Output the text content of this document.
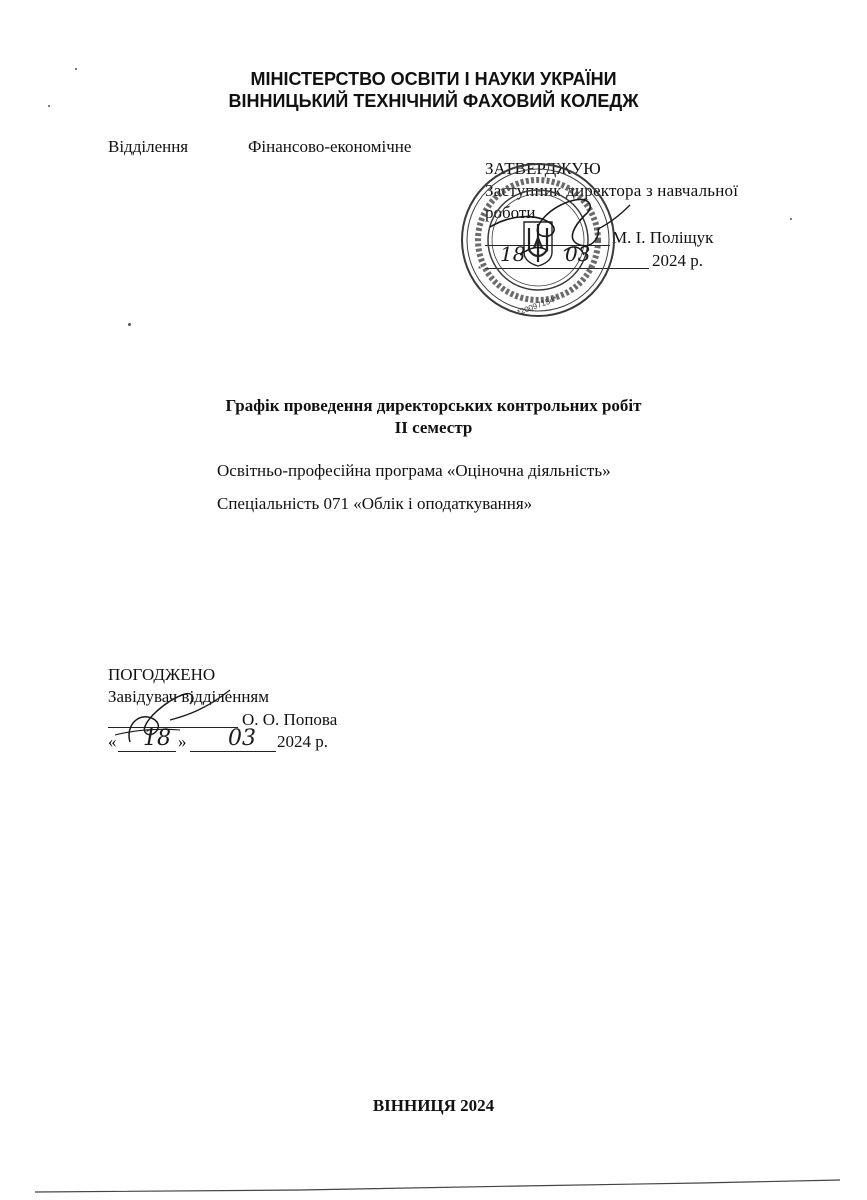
МІНІСТЕРСТВО ОСВІТИ І НАУКИ УКРАЇНИ
ВІННИЦЬКИЙ ТЕХНІЧНИЙ ФАХОВИЙ КОЛЕДЖ
Відділення	Фінансово-економічне
ЗАТВЕРДЖУЮ
Заступник директора з навчальної
роботи
М. І. Поліщук
2024 р.
*20097154*
*	*
18 03
Графік проведення директорських контрольних робіт
ІІ семестр
Освітньо-професійна програма «Оціночна діяльність»
Спеціальність 071 «Облік і оподаткування»
ПОГОДЖЕНО
Завідувач відділенням
О. О. Попова
« 18 » 03 2024 р.
ВІННИЦЯ 2024
